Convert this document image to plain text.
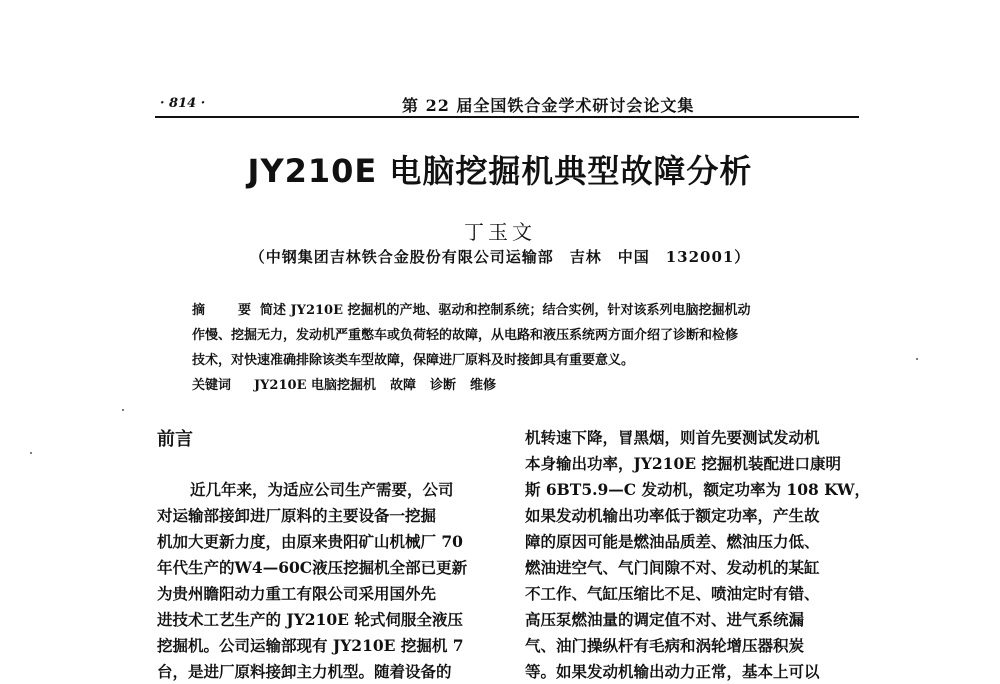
· 814 ·	第 22 届全国铁合金学术研讨会论文集
JY210E 电脑挖掘机典型故障分析
丁玉文
（中钢集团吉林铁合金股份有限公司运输部　吉林　中国　132001）
摘　要简述 JY210E 挖掘机的产地、驱动和控制系统；结合实例，针对该系列电脑挖掘机动
作慢、挖掘无力，发动机严重憋车或负荷轻的故障，从电路和液压系统两方面介绍了诊断和检修
技术，对快速准确排除该类车型故障，保障进厂原料及时接卸具有重要意义。
关键词 JY210E 电脑挖掘机 故障 诊断 维修
前言
近几年来，为适应公司生产需要，公司
对运输部接卸进厂原料的主要设备一挖掘
机加大更新力度，由原来贵阳矿山机械厂 70
年代生产的W4—60C液压挖掘机全部已更新
为贵州瞻阳动力重工有限公司采用国外先
进技术工艺生产的 JY210E 轮式伺服全液压
挖掘机。公司运输部现有 JY210E 挖掘机 7
台，是进厂原料接卸主力机型。随着设备的
机转速下降，冒黑烟，则首先要测试发动机
本身输出功率，JY210E 挖掘机装配进口康明
斯 6BT5.9—C 发动机，额定功率为 108 KW，
如果发动机输出功率低于额定功率，产生故
障的原因可能是燃油品质差、燃油压力低、
燃油进空气、气门间隙不对、发动机的某缸
不工作、气缸压缩比不足、喷油定时有错、
高压泵燃油量的调定值不对、进气系统漏
气、油门操纵杆有毛病和涡轮增压器积炭
等。如果发动机输出动力正常，基本上可以
